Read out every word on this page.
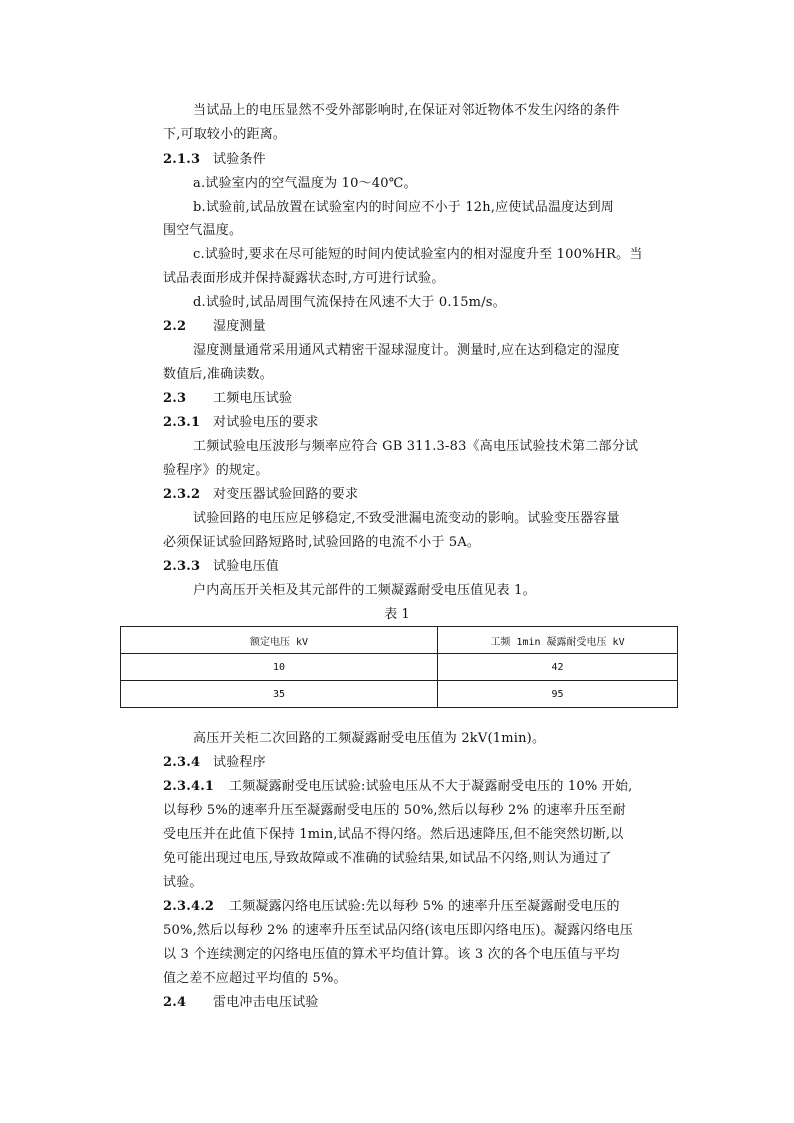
当试品上的电压显然不受外部影响时,在保证对邻近物体不发生闪络的条件
下,可取较小的距离。
2.1.3 试验条件
a.试验室内的空气温度为 10～40℃。
b.试验前,试品放置在试验室内的时间应不小于 12h,应使试品温度达到周
围空气温度。
c.试验时,要求在尽可能短的时间内使试验室内的相对湿度升至 100%HR。当
试品表面形成并保持凝露状态时,方可进行试验。
d.试验时,试品周围气流保持在风速不大于 0.15m/s。
2.2 湿度测量
湿度测量通常采用通风式精密干湿球湿度计。测量时,应在达到稳定的湿度
数值后,准确读数。
2.3 工频电压试验
2.3.1 对试验电压的要求
工频试验电压波形与频率应符合 GB 311.3-83《高电压试验技术第二部分试
验程序》的规定。
2.3.2 对变压器试验回路的要求
试验回路的电压应足够稳定,不致受泄漏电流变动的影响。试验变压器容量
必须保证试验回路短路时,试验回路的电流不小于 5A。
2.3.3 试验电压值
户内高压开关柜及其元部件的工频凝露耐受电压值见表 1。
表 1
额定电压 kV	工频 1min 凝露耐受电压 kV
10	42
35	95
高压开关柜二次回路的工频凝露耐受电压值为 2kV(1min)。
2.3.4 试验程序
2.3.4.1 工频凝露耐受电压试验:试验电压从不大于凝露耐受电压的 10% 开始,
以每秒 5%的速率升压至凝露耐受电压的 50%,然后以每秒 2% 的速率升压至耐
受电压并在此值下保持 1min,试品不得闪络。然后迅速降压,但不能突然切断,以
免可能出现过电压,导致故障或不准确的试验结果,如试品不闪络,则认为通过了
试验。
2.3.4.2 工频凝露闪络电压试验:先以每秒 5% 的速率升压至凝露耐受电压的
50%,然后以每秒 2% 的速率升压至试品闪络(该电压即闪络电压)。凝露闪络电压
以 3 个连续测定的闪络电压值的算术平均值计算。该 3 次的各个电压值与平均
值之差不应超过平均值的 5%。
2.4 雷电冲击电压试验
